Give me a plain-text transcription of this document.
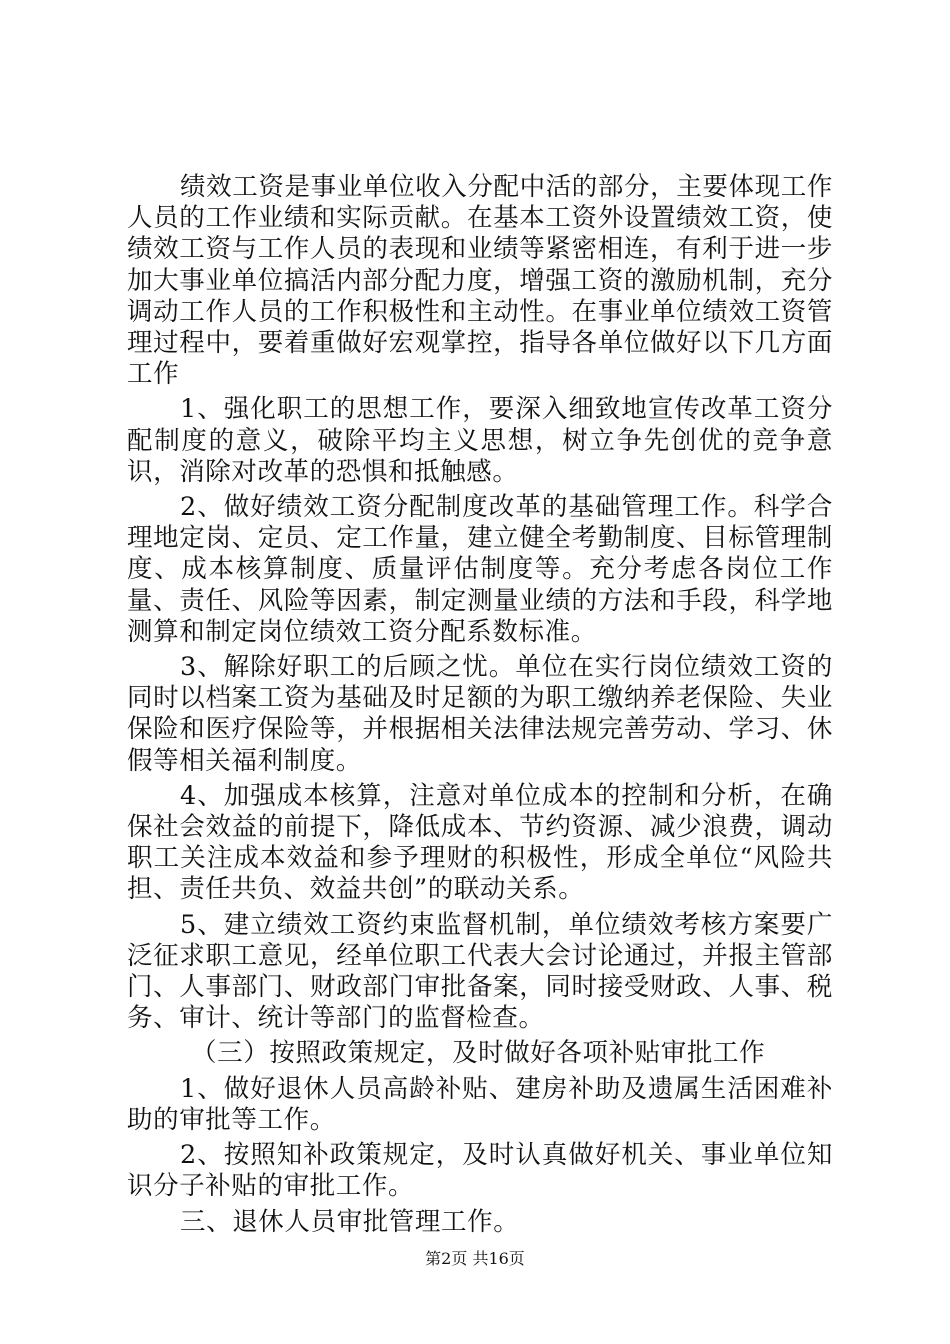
绩效工资是事业单位收入分配中活的部分，主要体现工作人员的工作业绩和实际贡献。在基本工资外设置绩效工资，使绩效工资与工作人员的表现和业绩等紧密相连，有利于进一步加大事业单位搞活内部分配力度，增强工资的激励机制，充分调动工作人员的工作积极性和主动性。在事业单位绩效工资管理过程中，要着重做好宏观掌控，指导各单位做好以下几方面工作

1、强化职工的思想工作，要深入细致地宣传改革工资分配制度的意义，破除平均主义思想，树立争先创优的竞争意识，消除对改革的恐惧和抵触感。

2、做好绩效工资分配制度改革的基础管理工作。科学合理地定岗、定员、定工作量，建立健全考勤制度、目标管理制度、成本核算制度、质量评估制度等。充分考虑各岗位工作量、责任、风险等因素，制定测量业绩的方法和手段，科学地测算和制定岗位绩效工资分配系数标准。

3、解除好职工的后顾之忧。单位在实行岗位绩效工资的同时以档案工资为基础及时足额的为职工缴纳养老保险、失业保险和医疗保险等，并根据相关法律法规完善劳动、学习、休假等相关福利制度。

4、加强成本核算，注意对单位成本的控制和分析，在确保社会效益的前提下，降低成本、节约资源、减少浪费，调动职工关注成本效益和参予理财的积极性，形成全单位“风险共担、责任共负、效益共创”的联动关系。

5、建立绩效工资约束监督机制，单位绩效考核方案要广泛征求职工意见，经单位职工代表大会讨论通过，并报主管部门、人事部门、财政部门审批备案，同时接受财政、人事、税务、审计、统计等部门的监督检查。

（三）按照政策规定，及时做好各项补贴审批工作

1、做好退休人员高龄补贴、建房补助及遗属生活困难补助的审批等工作。

2、按照知补政策规定，及时认真做好机关、事业单位知识分子补贴的审批工作。

三、退休人员审批管理工作。

第2页 共16页
